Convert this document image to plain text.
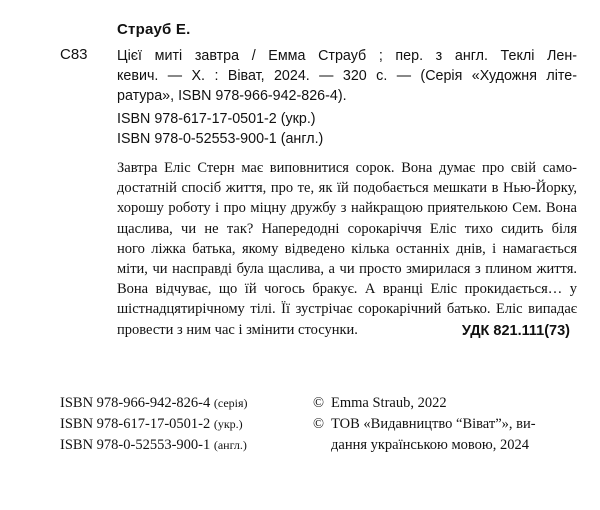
Страуб Е.
С83 Цієї миті завтра / Емма Страуб ; пер. з англ. Теклі Лен-
кевич. — Х. : Віват, 2024. — 320 с. — (Серія «Художня літе-
ратура», ISBN 978-966-942-826-4).
ISBN 978-617-17-0501-2 (укр.)
ISBN 978-0-52553-900-1 (англ.)
Завтра Еліс Стерн має виповнитися сорок. Вона думає про свій само-
достатній спосіб життя, про те, як їй подобається мешкати в Нью-Йорку,
хорошу роботу і про міцну дружбу з найкращою приятелькою Сем. Вона
щаслива, чи не так? Напередодні сорокаріччя Еліс тихо сидить біля
ного ліжка батька, якому відведено кілька останніх днів, і намагається
міти, чи насправді була щаслива, а чи просто змирилася з плином життя.
Вона відчуває, що їй чогось бракує. А вранці Еліс прокидається… у
шістнадцятирічному тілі. Її зустрічає сорокарічний батько. Еліс випадає
провести з ним час і змінити стосунки.	УДК 821.111(73)
ISBN 978-966-942-826-4 (серія)
ISBN 978-617-17-0501-2 (укр.)
ISBN 978-0-52553-900-1 (англ.)
© Emma Straub, 2022
© ТОВ «Видавництво “Віват”», ви-
дання українською мовою, 2024
